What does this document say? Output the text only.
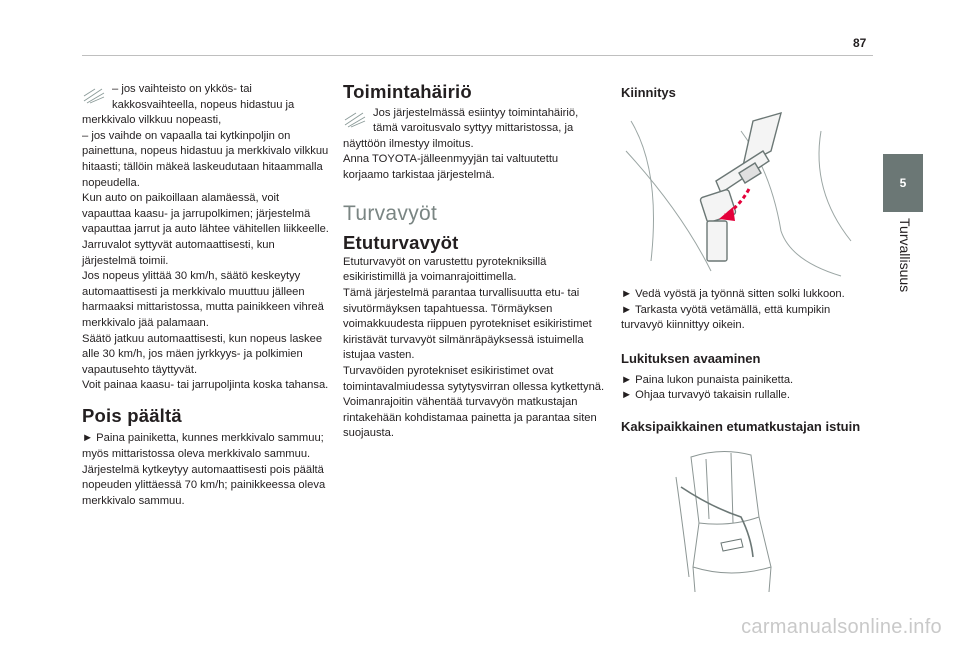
87
5
Turvallisuus

– jos vaihteisto on ykkös- tai kakkosvaihteella, nopeus hidastuu ja merkkivalo vilkkuu nopeasti,
– jos vaihde on vapaalla tai kytkinpoljin on painettuna, nopeus hidastuu ja merkkivalo vilkkuu hitaasti; tällöin mäkeä laskeudutaan hitaammalla nopeudella.
Kun auto on paikoillaan alamäessä, voit vapauttaa kaasu- ja jarrupolkimen; järjestelmä vapauttaa jarrut ja auto lähtee vähitellen liikkeelle.
Jarruvalot syttyvät automaattisesti, kun järjestelmä toimii.
Jos nopeus ylittää 30 km/h, säätö keskeytyy automaattisesti ja merkkivalo muuttuu jälleen harmaaksi mittaristossa, mutta painikkeen vihreä merkkivalo jää palamaan.
Säätö jatkuu automaattisesti, kun nopeus laskee alle 30 km/h, jos mäen jyrkkyys- ja polkimien vapautusehto täyttyvät.
Voit painaa kaasu- tai jarrupoljinta koska tahansa.

Pois päältä

► Paina painiketta, kunnes merkkivalo sammuu; myös mittaristossa oleva merkkivalo sammuu.
Järjestelmä kytkeytyy automaattisesti pois päältä nopeuden ylittäessä 70 km/h; painikkeessa oleva merkkivalo sammuu.

Toimintahäiriö

Jos järjestelmässä esiintyy toimintahäiriö, tämä varoitusvalo syttyy mittaristossa, ja näyttöön ilmestyy ilmoitus.
Anna TOYOTA-jälleenmyyjän tai valtuutettu korjaamo tarkistaa järjestelmä.

Turvavyöt
Etuturvavyöt

Etuturvavyöt on varustettu pyrotekniksillä esikiristimillä ja voimanrajoittimella.
Tämä järjestelmä parantaa turvallisuutta etu- tai sivutörmäyksen tapahtuessa. Törmäyksen voimakkuudesta riippuen pyrotekniset esikiristimet kiristävät turvavyöt silmänräpäyksessä istuimella istujaa vasten.
Turvavöiden pyrotekniset esikiristimet ovat toimintavalmiudessa sytytysvirran ollessa kytkettynä.
Voimanrajoitin vähentää turvavyön matkustajan rintakehään kohdistamaa painetta ja parantaa siten suojausta.

Kiinnitys

► Vedä vyöstä ja työnnä sitten solki lukkoon.
► Tarkasta vyötä vetämällä, että kumpikin turvavyö kiinnittyy oikein.

Lukituksen avaaminen

► Paina lukon punaista painiketta.
► Ohjaa turvavyö takaisin rullalle.

Kaksipaikkainen etumatkustajan istuin
carmanualsonline.info
